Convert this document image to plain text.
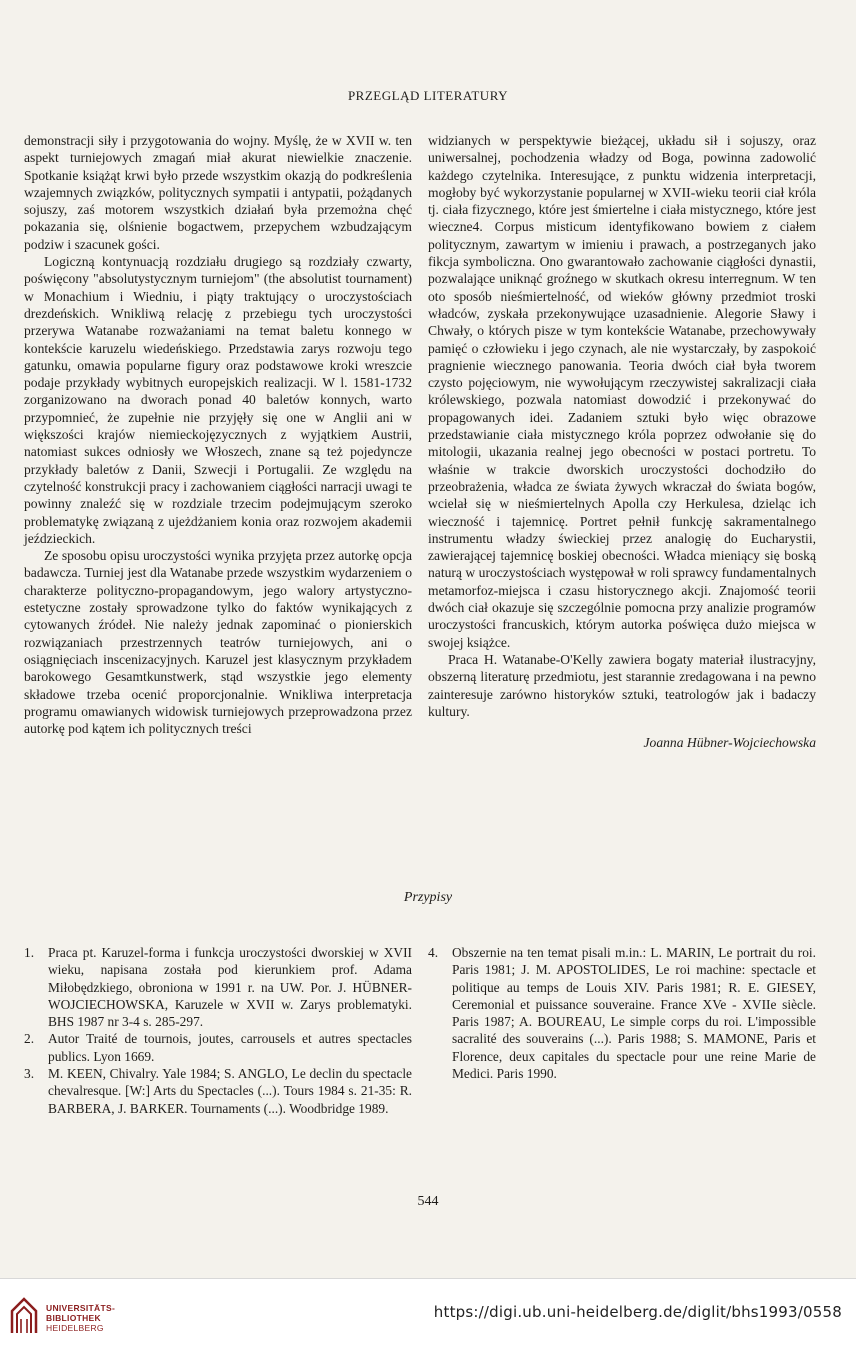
PRZEGLĄD LITERATURY

demonstracji siły i przygotowania do wojny. Myślę, że w XVII w. ten aspekt turniejowych zmagań miał akurat niewielkie znaczenie. Spotkanie książąt krwi było przede wszystkim okazją do podkreślenia wzajemnych związków, politycznych sympatii i antypatii, pożądanych sojuszy, zaś motorem wszystkich działań była przemożna chęć pokazania się, olśnienie bogactwem, przepychem wzbudzającym podziw i szacunek gości.

Logiczną kontynuacją rozdziału drugiego są rozdziały czwarty, poświęcony "absolutystycznym turniejom" (the absolutist tournament) w Monachium i Wiedniu, i piąty traktujący o uroczystościach drezdeńskich. Wnikliwą relację z przebiegu tych uroczystości przerywa Watanabe rozważaniami na temat baletu konnego w kontekście karuzelu wiedeńskiego. Przedstawia zarys rozwoju tego gatunku, omawia popularne figury oraz podstawowe kroki wreszcie podaje przykłady wybitnych europejskich realizacji. W l. 1581-1732 zorganizowano na dworach ponad 40 baletów konnych, warto przypomnieć, że zupełnie nie przyjęły się one w Anglii ani w większości krajów niemieckojęzycznych z wyjątkiem Austrii, natomiast sukces odniosły we Włoszech, znane są też pojedyncze przykłady baletów z Danii, Szwecji i Portugalii. Ze względu na czytelność konstrukcji pracy i zachowaniem ciągłości narracji uwagi te powinny znaleźć się w rozdziale trzecim podejmującym szeroko problematykę związaną z ujeżdżaniem konia oraz rozwojem akademii jeździeckich.

Ze sposobu opisu uroczystości wynika przyjęta przez autorkę opcja badawcza. Turniej jest dla Watanabe przede wszystkim wydarzeniem o charakterze polityczno-propagandowym, jego walory artystyczno-estetyczne zostały sprowadzone tylko do faktów wynikających z cytowanych źródeł. Nie należy jednak zapominać o pionierskich rozwiązaniach przestrzennych teatrów turniejowych, ani o osiągnięciach inscenizacyjnych. Karuzel jest klasycznym przykładem barokowego Gesamtkunstwerk, stąd wszystkie jego elementy składowe trzeba ocenić proporcjonalnie. Wnikliwa interpretacja programu omawianych widowisk turniejowych przeprowadzona przez autorkę pod kątem ich politycznych treści

widzianych w perspektywie bieżącej, układu sił i sojuszy, oraz uniwersalnej, pochodzenia władzy od Boga, powinna zadowolić każdego czytelnika. Interesujące, z punktu widzenia interpretacji, mogłoby być wykorzystanie popularnej w XVII-wieku teorii ciał króla tj. ciała fizycznego, które jest śmiertelne i ciała mistycznego, które jest wieczne4. Corpus misticum identyfikowano bowiem z ciałem politycznym, zawartym w imieniu i prawach, a postrzeganych jako fikcja symboliczna. Ono gwarantowało zachowanie ciągłości dynastii, pozwalające uniknąć groźnego w skutkach okresu interregnum. W ten oto sposób nieśmiertelność, od wieków główny przedmiot troski władców, zyskała przekonywujące uzasadnienie. Alegorie Sławy i Chwały, o których pisze w tym kontekście Watanabe, przechowywały pamięć o człowieku i jego czynach, ale nie wystarczały, by zaspokoić pragnienie wiecznego panowania. Teoria dwóch ciał była tworem czysto pojęciowym, nie wywołującym rzeczywistej sakralizacji ciała królewskiego, pozwala natomiast dowodzić i przekonywać do propagowanych idei. Zadaniem sztuki było więc obrazowe przedstawianie ciała mistycznego króla poprzez odwołanie się do mitologii, ukazania realnej jego obecności w postaci portretu. To właśnie w trakcie dworskich uroczystości dochodziło do przeobrażenia, władca ze świata żywych wkraczał do świata bogów, wcielał się w nieśmiertelnych Apolla czy Herkulesa, dzieląc ich wieczność i tajemnicę. Portret pełnił funkcję sakramentalnego instrumentu władzy świeckiej przez analogię do Eucharystii, zawierającej tajemnicę boskiej obecności. Władca mieniący się boską naturą w uroczystościach występował w roli sprawcy fundamentalnych metamorfoz-miejsca i czasu historycznego akcji. Znajomość teorii dwóch ciał okazuje się szczególnie pomocna przy analizie programów uroczystości francuskich, którym autorka poświęca dużo miejsca w swojej książce.

Praca H. Watanabe-O'Kelly zawiera bogaty materiał ilustracyjny, obszerną literaturę przedmiotu, jest starannie zredagowana i na pewno zainteresuje zarówno historyków sztuki, teatrologów jak i badaczy kultury.

Joanna Hübner-Wojciechowska
Przypisy
1.	Praca pt. Karuzel-forma i funkcja uroczystości dworskiej w XVII wieku, napisana została pod kierunkiem prof. Adama Miłobędzkiego, obroniona w 1991 r. na UW. Por. J. HÜBNER-WOJCIECHOWSKA, Karuzele w XVII w. Zarys problematyki. BHS 1987 nr 3-4 s. 285-297.
2.	Autor Traité de tournois, joutes, carrousels et autres spectacles publics. Lyon 1669.
3.	M. KEEN, Chivalry. Yale 1984; S. ANGLO, Le declin du spectacle chevalresque. [W:] Arts du Spectacles (...). Tours 1984 s. 21-35: R. BARBERA, J. BARKER. Tournaments (...). Woodbridge 1989.
4.	Obszernie na ten temat pisali m.in.: L. MARIN, Le portrait du roi. Paris 1981; J. M. APOSTOLIDES, Le roi machine: spectacle et politique au temps de Louis XIV. Paris 1981; R. E. GIESEY, Ceremonial et puissance souveraine. France XVe - XVIIe siècle. Paris 1987; A. BOUREAU, Le simple corps du roi. L'impossible sacralité des souverains (...). Paris 1988; S. MAMONE, Paris et Florence, deux capitales du spectacle pour une reine Marie de Medici. Paris 1990.
544
UNIVERSITÄTS-
BIBLIOTHEK
HEIDELBERG
https://digi.ub.uni-heidelberg.de/diglit/bhs1993/0558
